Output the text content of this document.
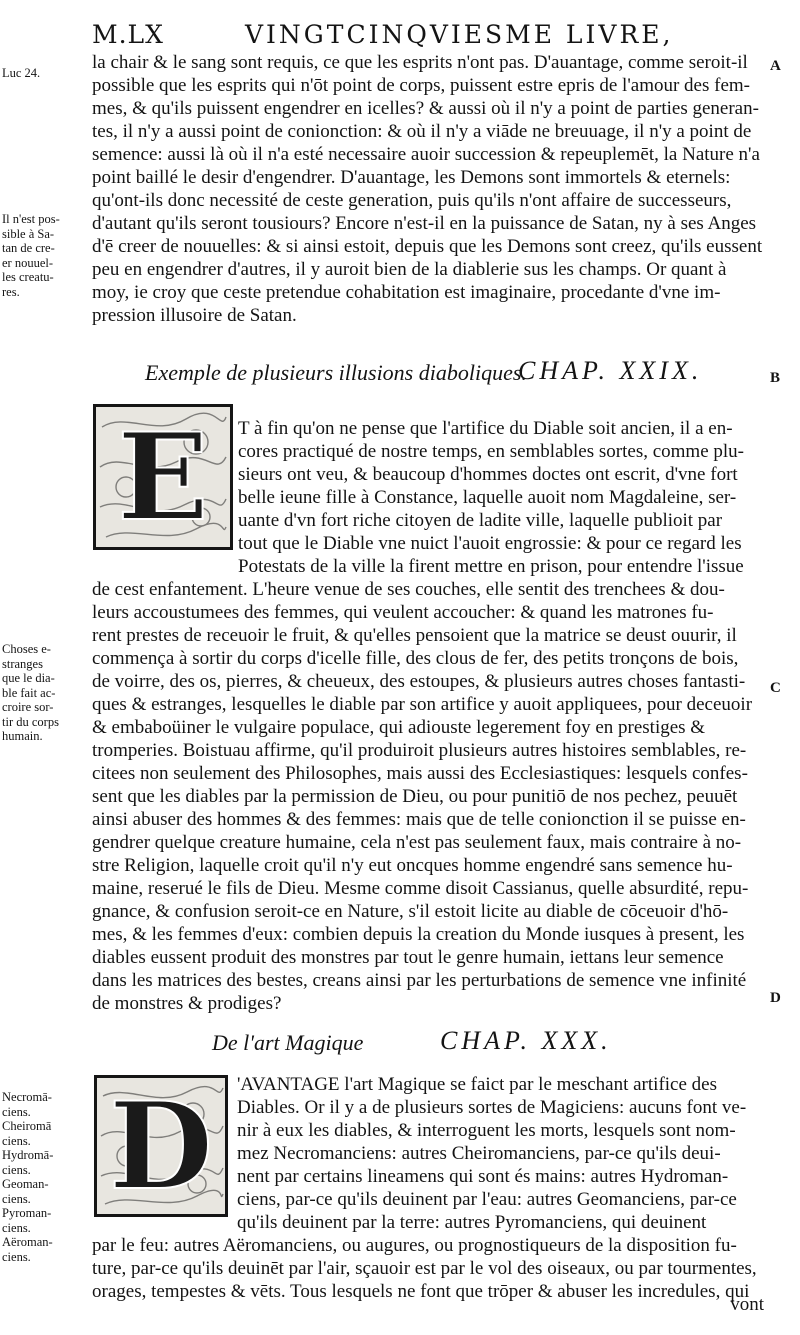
M.LX	VINGTCINQVIESME LIVRE,
Luc 24.	la chair & le sang sont requis, ce que les esprits n'ont pas. D'auantage, comme seroit-il
possible que les esprits qui n'ōt point de corps, puissent estre epris de l'amour des fem-
mes, & qu'ils puissent engendrer en icelles? & aussi où il n'y a point de parties generan-
tes, il n'y a aussi point de conionction: & où il n'y a viāde ne breuuage, il n'y a point de
semence: aussi là où il n'a esté necessaire auoir succession & repeuplemēt, la Nature n'a
point baillé le desir d'engendrer. D'auantage, les Demons sont immortels & eternels:
qu'ont-ils donc necessité de ceste generation, puis qu'ils n'ont affaire de successeurs,
d'autant qu'ils seront tousiours? Encore n'est-il en la puissance de Satan, ny à ses Anges
d'ē creer de nouuelles: & si ainsi estoit, depuis que les Demons sont creez, qu'ils eussent
peu en engendrer d'autres, il y auroit bien de la diablerie sus les champs. Or quant à
moy, ie croy que ceste pretendue cohabitation est imaginaire, procedante d'vne im-
pression illusoire de Satan.
Il n'est pos-
sible à Sa-
tan de cre-
er nouuel-
les creatu-
res.
A
B
C
D
Exemple de plusieurs illusions diaboliques.
CHAP. XXIX.
E	T à fin qu'on ne pense que l'artifice du Diable soit ancien, il a en-
cores practiqué de nostre temps, en semblables sortes, comme plu-
sieurs ont veu, & beaucoup d'hommes doctes ont escrit, d'vne fort
belle ieune fille à Constance, laquelle auoit nom Magdaleine, ser-
uante d'vn fort riche citoyen de ladite ville, laquelle publioit par
tout que le Diable vne nuict l'auoit engrossie: & pour ce regard les
Potestats de la ville la firent mettre en prison, pour entendre l'issue
de cest enfantement. L'heure venue de ses couches, elle sentit des trenchees & dou-
leurs accoustumees des femmes, qui veulent accoucher: & quand les matrones fu-
rent prestes de receuoir le fruit, & qu'elles pensoient que la matrice se deust ouurir, il
commença à sortir du corps d'icelle fille, des clous de fer, des petits tronçons de bois,
de voirre, des os, pierres, & cheueux, des estoupes, & plusieurs autres choses fantasti-
ques & estranges, lesquelles le diable par son artifice y auoit appliquees, pour deceuoir
& embaboüiner le vulgaire populace, qui adiouste legerement foy en prestiges &
tromperies. Boistuau affirme, qu'il produiroit plusieurs autres histoires semblables, re-
citees non seulement des Philosophes, mais aussi des Ecclesiastiques: lesquels confes-
sent que les diables par la permission de Dieu, ou pour punitiō de nos pechez, peuuēt
ainsi abuser des hommes & des femmes: mais que de telle conionction il se puisse en-
gendrer quelque creature humaine, cela n'est pas seulement faux, mais contraire à no-
stre Religion, laquelle croit qu'il n'y eut oncques homme engendré sans semence hu-
maine, reserué le fils de Dieu. Mesme comme disoit Cassianus, quelle absurdité, repu-
gnance, & confusion seroit-ce en Nature, s'il estoit licite au diable de cōceuoir d'hō-
mes, & les femmes d'eux: combien depuis la creation du Monde iusques à present, les
diables eussent produit des monstres par tout le genre humain, iettans leur semence
dans les matrices des bestes, creans ainsi par les perturbations de semence vne infinité
de monstres & prodiges?
Choses e-
stranges
que le dia-
ble fait ac-
croire sor-
tir du corps
humain.
De l'art Magique	CHAP. XXX.
D	'AVANTAGE l'art Magique se faict par le meschant artifice des
Diables. Or il y a de plusieurs sortes de Magiciens: aucuns font ve-
nir à eux les diables, & interroguent les morts, lesquels sont nom-
mez Necromanciens: autres Cheiromanciens, par-ce qu'ils deui-
nent par certains lineamens qui sont és mains: autres Hydroman-
ciens, par-ce qu'ils deuinent par l'eau: autres Geomanciens, par-ce
qu'ils deuinent par la terre: autres Pyromanciens, qui deuinent
par le feu: autres Aëromanciens, ou augures, ou prognostiqueurs de la disposition fu-
ture, par-ce qu'ils deuinēt par l'air, sçauoir est par le vol des oiseaux, ou par tourmentes,
orages, tempestes & vēts. Tous lesquels ne font que trōper & abuser les incredules, qui
Necromā-
ciens.
Cheiromā
ciens.
Hydromā-
ciens.
Geoman-
ciens.
Pyroman-
ciens.
Aëroman-
ciens.
vont
